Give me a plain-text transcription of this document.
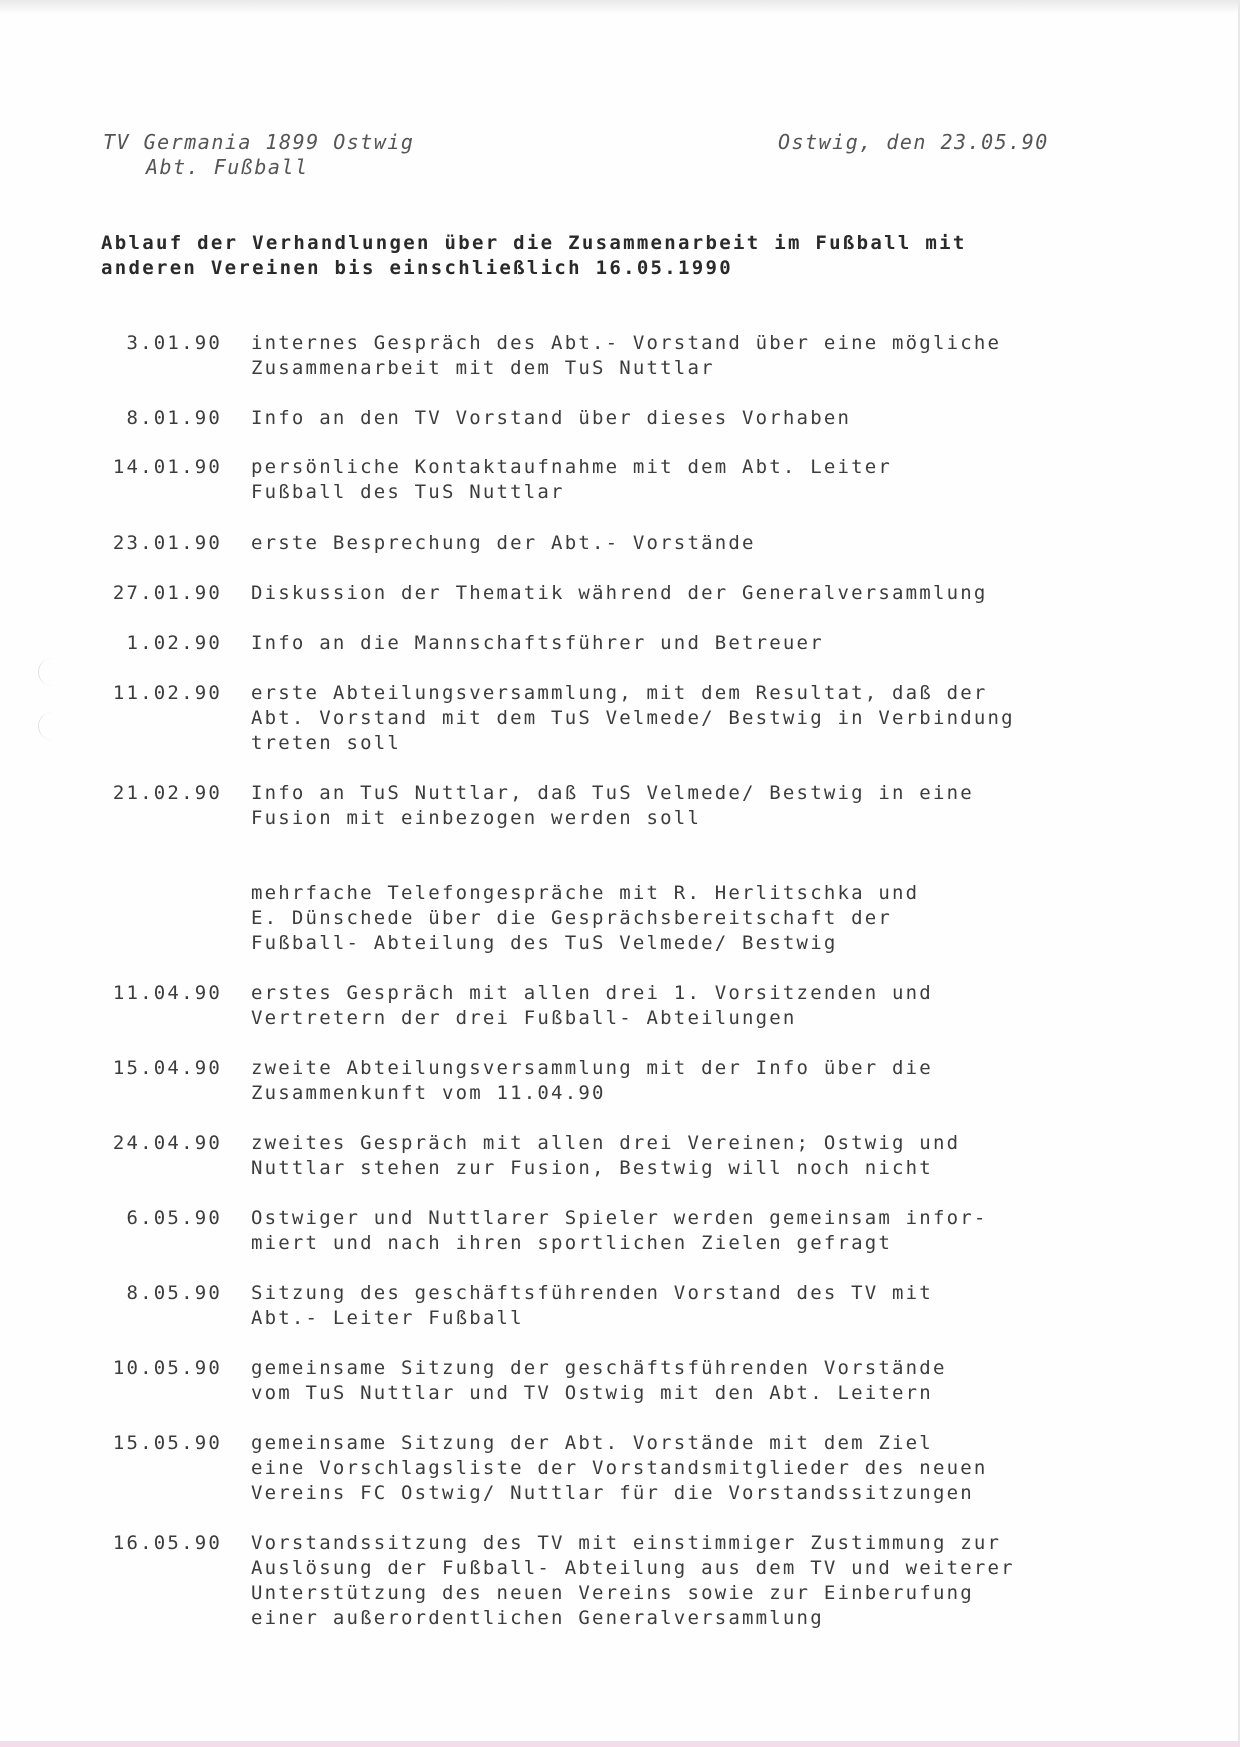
TV Germania 1899 Ostwig
Abt. Fußball
Ostwig, den 23.05.90
Ablauf der Verhandlungen über die Zusammenarbeit im Fußball mit
anderen Vereinen bis einschließlich 16.05.1990
3.01.90 internes Gespräch des Abt.- Vorstand über eine mögliche
Zusammenarbeit mit dem TuS Nuttlar
8.01.90 Info an den TV Vorstand über dieses Vorhaben
14.01.90 persönliche Kontaktaufnahme mit dem Abt. Leiter
Fußball des TuS Nuttlar
23.01.90 erste Besprechung der Abt.- Vorstände
27.01.90 Diskussion der Thematik während der Generalversammlung
1.02.90 Info an die Mannschaftsführer und Betreuer
11.02.90 erste Abteilungsversammlung, mit dem Resultat, daß der
Abt. Vorstand mit dem TuS Velmede/ Bestwig in Verbindung
treten soll
21.02.90 Info an TuS Nuttlar, daß TuS Velmede/ Bestwig in eine
Fusion mit einbezogen werden soll
mehrfache Telefongespräche mit R. Herlitschka und
E. Dünschede über die Gesprächsbereitschaft der
Fußball- Abteilung des TuS Velmede/ Bestwig
11.04.90 erstes Gespräch mit allen drei 1. Vorsitzenden und
Vertretern der drei Fußball- Abteilungen
15.04.90 zweite Abteilungsversammlung mit der Info über die
Zusammenkunft vom 11.04.90
24.04.90 zweites Gespräch mit allen drei Vereinen; Ostwig und
Nuttlar stehen zur Fusion, Bestwig will noch nicht
6.05.90 Ostwiger und Nuttlarer Spieler werden gemeinsam infor-
miert und nach ihren sportlichen Zielen gefragt
8.05.90 Sitzung des geschäftsführenden Vorstand des TV mit
Abt.- Leiter Fußball
10.05.90 gemeinsame Sitzung der geschäftsführenden Vorstände
vom TuS Nuttlar und TV Ostwig mit den Abt. Leitern
15.05.90 gemeinsame Sitzung der Abt. Vorstände mit dem Ziel
eine Vorschlagsliste der Vorstandsmitglieder des neuen
Vereins FC Ostwig/ Nuttlar für die Vorstandssitzungen
16.05.90 Vorstandssitzung des TV mit einstimmiger Zustimmung zur
Auslösung der Fußball- Abteilung aus dem TV und weiterer
Unterstützung des neuen Vereins sowie zur Einberufung
einer außerordentlichen Generalversammlung
